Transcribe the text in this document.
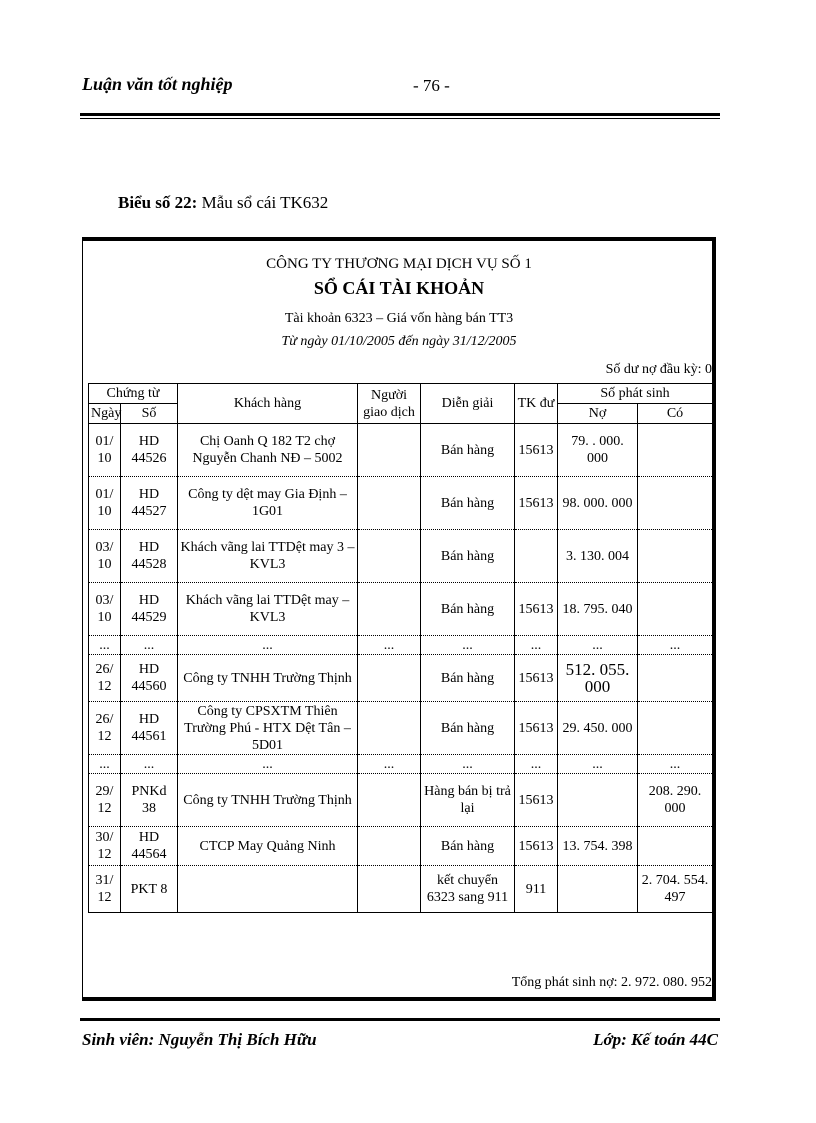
Luận văn tốt nghiệp	- 76 -
Biểu số 22: Mẫu sổ cái TK632
CÔNG TY THƯƠNG MẠI DỊCH VỤ SỐ 1
SỔ CÁI TÀI KHOẢN
Tài khoản 6323 – Giá vốn hàng bán TT3
Từ ngày 01/10/2005 đến ngày 31/12/2005
Số dư nợ đầu kỳ: 0
Chứng từ		Khách hàng	Người giao dịch	Diễn giải	TK đư	Số phát sinh	
Ngày	Số					Nợ	Có
01/ 10	HD 44526	Chị Oanh Q 182 T2 chợ Nguyễn Chanh NĐ – 5002		Bán hàng	15613	79. . 000. 000	
01/ 10	HD 44527	Công ty dệt may Gia Định – 1G01		Bán hàng	15613	98. 000. 000	
03/ 10	HD 44528	Khách vãng lai TTDệt may 3 – KVL3		Bán hàng		3. 130. 004	
03/ 10	HD 44529	Khách vãng lai TTDệt may – KVL3		Bán hàng	15613	18. 795. 040	
...	...	...	...	...	...	...	...
26/ 12	HD 44560	Công ty TNHH Trường Thịnh		Bán hàng	15613	512. 055. 000	
26/ 12	HD 44561	Công ty CPSXTM Thiên Trường Phú - HTX Dệt Tân – 5D01		Bán hàng	15613	29. 450. 000	
...	...	...	...	...	...	...	...
29/ 12	PNKd 38	Công ty TNHH Trường Thịnh		Hàng bán bị trả lại	15613		208. 290. 000
30/ 12	HD 44564	CTCP May Quảng Ninh		Bán hàng	15613	13. 754. 398	
31/ 12	PKT 8			kết chuyển 6323 sang 911	911		2. 704. 554. 497
Tổng phát sinh nợ: 2. 972. 080. 952
Sinh viên: Nguyễn Thị Bích Hữu	Lớp: Kế toán 44C
